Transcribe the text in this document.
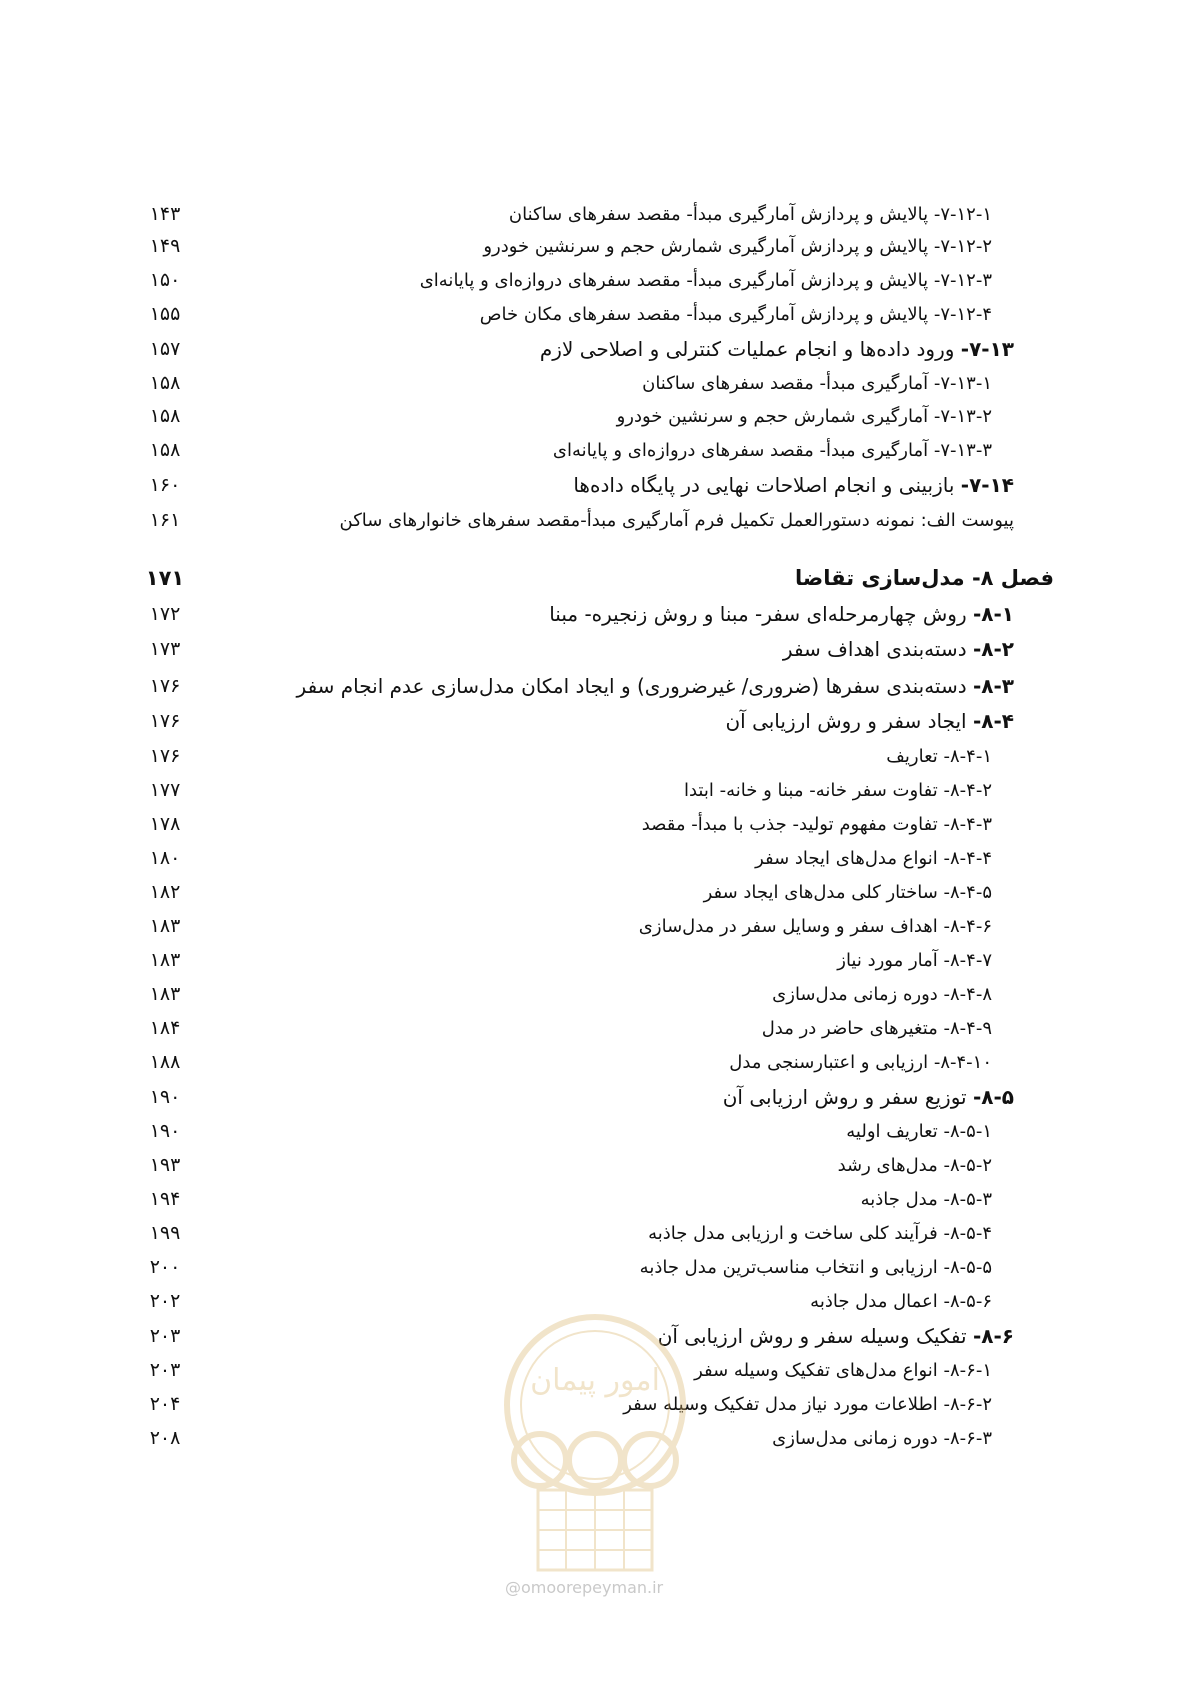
۱۴۳	۷-۱۲-۱- پالایش و پردازش آمارگیری مبدأ- مقصد سفرهای ساکنان
۱۴۹	۷-۱۲-۲- پالایش و پردازش آمارگیری شمارش حجم و سرنشین خودرو
۱۵۰	۷-۱۲-۳- پالایش و پردازش آمارگیری مبدأ- مقصد سفرهای دروازه‌ای و پایانه‌ای
۱۵۵	۷-۱۲-۴- پالایش و پردازش آمارگیری مبدأ- مقصد سفرهای مکان خاص
۱۵۷	۷-۱۳- ورود داده‌ها و انجام عملیات کنترلی و اصلاحی لازم
۱۵۸	۷-۱۳-۱- آمارگیری مبدأ- مقصد سفرهای ساکنان
۱۵۸	۷-۱۳-۲- آمارگیری شمارش حجم و سرنشین خودرو
۱۵۸	۷-۱۳-۳- آمارگیری مبدأ- مقصد سفرهای دروازه‌ای و پایانه‌ای
۱۶۰	۷-۱۴- بازبینی و انجام اصلاحات نهایی در پایگاه داده‌ها
۱۶۱	پیوست الف: نمونه دستورالعمل تکمیل فرم آمارگیری مبدأ-مقصد سفرهای خانوارهای ساکن
۱۷۱	فصل ۸- مدل‌سازی تقاضا
۱۷۲	۸-۱- روش چهارمرحله‌ای سفر- مبنا و روش زنجیره- مبنا
۱۷۳	۸-۲- دسته‌بندی اهداف سفر
۱۷۶	۸-۳- دسته‌بندی سفرها (ضروری/ غیرضروری) و ایجاد امکان مدل‌سازی عدم انجام سفر
۱۷۶	۸-۴- ایجاد سفر و روش ارزیابی آن
۱۷۶	۸-۴-۱- تعاریف
۱۷۷	۸-۴-۲- تفاوت سفر خانه- مبنا و خانه- ابتدا
۱۷۸	۸-۴-۳- تفاوت مفهوم تولید- جذب با مبدأ- مقصد
۱۸۰	۸-۴-۴- انواع مدل‌های ایجاد سفر
۱۸۲	۸-۴-۵- ساختار کلی مدل‌های ایجاد سفر
۱۸۳	۸-۴-۶- اهداف سفر و وسایل سفر در مدل‌سازی
۱۸۳	۸-۴-۷- آمار مورد نیاز
۱۸۳	۸-۴-۸- دوره زمانی مدل‌سازی
۱۸۴	۸-۴-۹- متغیرهای حاضر در مدل
۱۸۸	۸-۴-۱۰- ارزیابی و اعتبارسنجی مدل
۱۹۰	۸-۵- توزیع سفر و روش ارزیابی آن
۱۹۰	۸-۵-۱- تعاریف اولیه
۱۹۳	۸-۵-۲- مدل‌های رشد
۱۹۴	۸-۵-۳- مدل جاذبه
۱۹۹	۸-۵-۴- فرآیند کلی ساخت و ارزیابی مدل جاذبه
۲۰۰	۸-۵-۵- ارزیابی و انتخاب مناسب‌ترین مدل جاذبه
۲۰۲	۸-۵-۶- اعمال مدل جاذبه
۲۰۳	۸-۶- تفکیک وسیله سفر و روش ارزیابی آن
۲۰۳	۸-۶-۱- انواع مدل‌های تفکیک وسیله سفر
۲۰۴	۸-۶-۲- اطلاعات مورد نیاز مدل تفکیک وسیله سفر
۲۰۸	۸-۶-۳- دوره زمانی مدل‌سازی
امور پیمان
@omoorepeyman.ir
